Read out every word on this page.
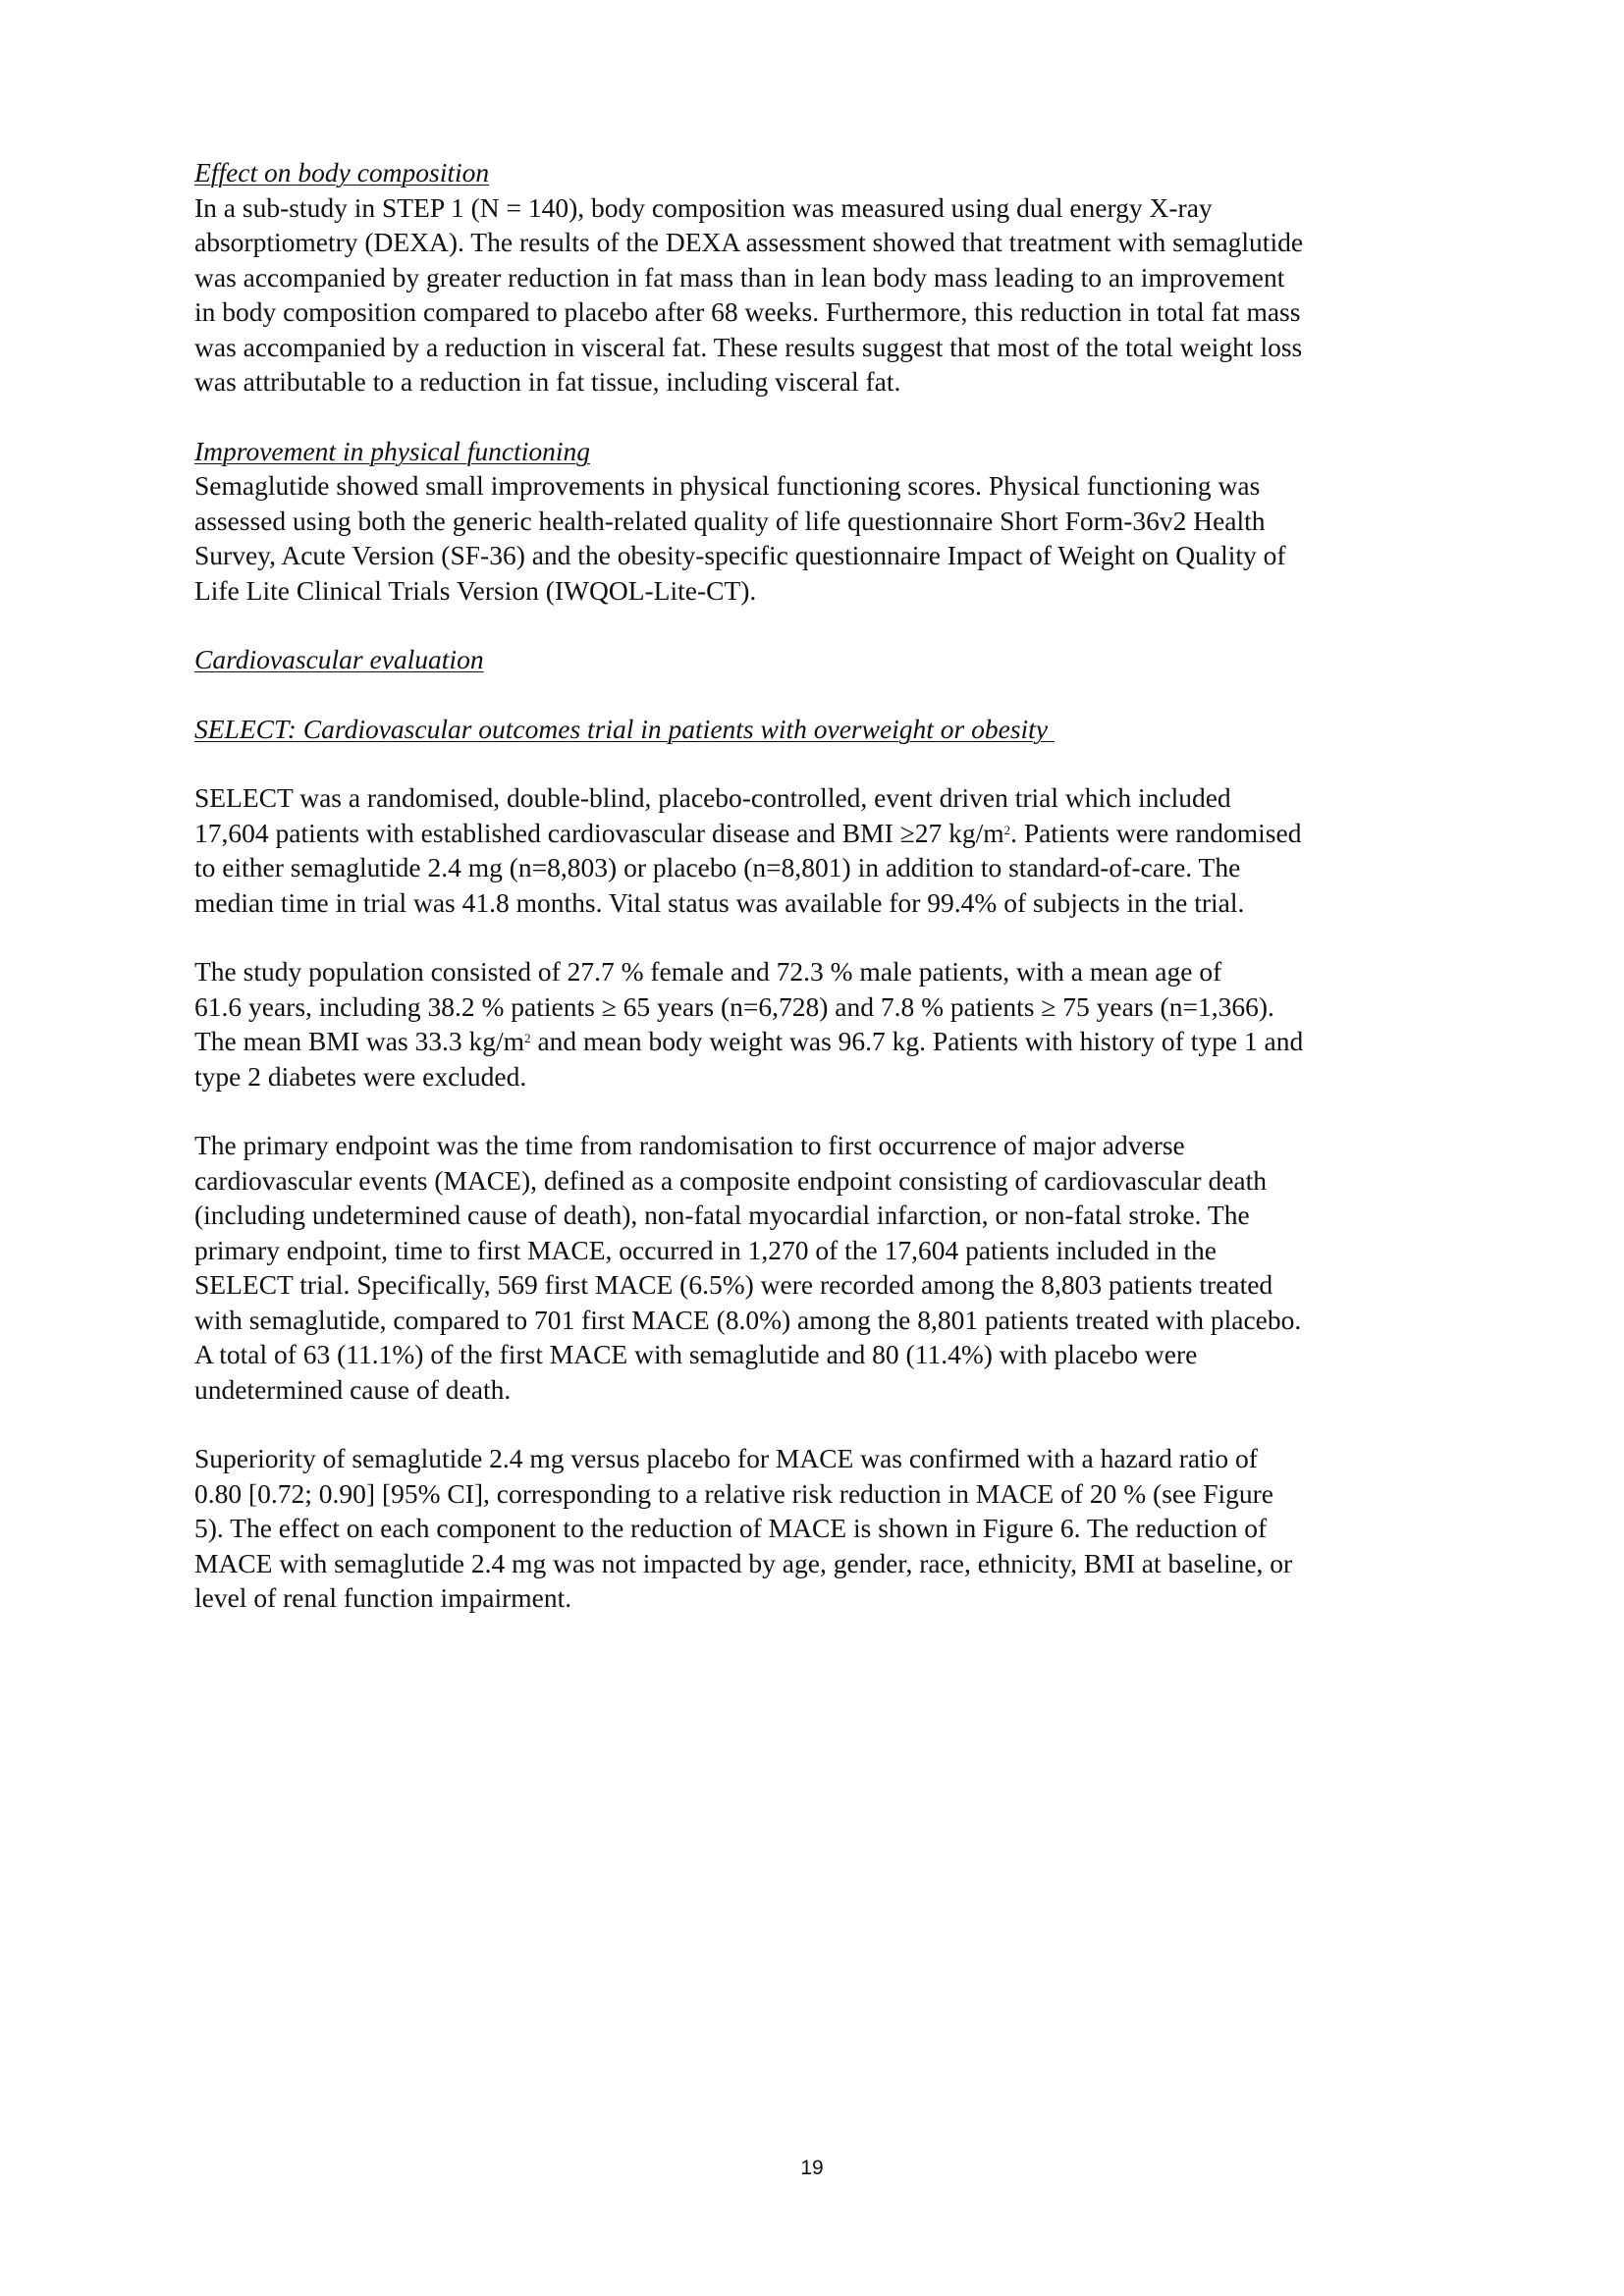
Effect on body composition

In a sub-study in STEP 1 (N = 140), body composition was measured using dual energy X-ray
absorptiometry (DEXA). The results of the DEXA assessment showed that treatment with semaglutide
was accompanied by greater reduction in fat mass than in lean body mass leading to an improvement
in body composition compared to placebo after 68 weeks. Furthermore, this reduction in total fat mass
was accompanied by a reduction in visceral fat. These results suggest that most of the total weight loss
was attributable to a reduction in fat tissue, including visceral fat.

Improvement in physical functioning

Semaglutide showed small improvements in physical functioning scores. Physical functioning was
assessed using both the generic health-related quality of life questionnaire Short Form-36v2 Health
Survey, Acute Version (SF-36) and the obesity-specific questionnaire Impact of Weight on Quality of
Life Lite Clinical Trials Version (IWQOL-Lite-CT).

Cardiovascular evaluation
SELECT: Cardiovascular outcomes trial in patients with overweight or obesity
SELECT was a randomised, double-blind, placebo-controlled, event driven trial which included
17,604 patients with established cardiovascular disease and BMI ≥27 $kg/m^2$. Patients were randomised
to either semaglutide 2.4 mg (n=8,803) or placebo (n=8,801) in addition to standard-of-care. The
median time in trial was 41.8 months. Vital status was available for 99.4% of subjects in the trial.
The study population consisted of 27.7 % female and 72.3 % male patients, with a mean age of
61.6 years, including 38.2 % patients ≥ 65 years (n=6,728) and 7.8 % patients ≥ 75 years (n=1,366).
The mean BMI was 33.3 $kg/m^2$ and mean body weight was 96.7 kg. Patients with history of type 1 and
type 2 diabetes were excluded.
The primary endpoint was the time from randomisation to first occurrence of major adverse
cardiovascular events (MACE), defined as a composite endpoint consisting of cardiovascular death
(including undetermined cause of death), non-fatal myocardial infarction, or non-fatal stroke. The
primary endpoint, time to first MACE, occurred in 1,270 of the 17,604 patients included in the
SELECT trial. Specifically, 569 first MACE (6.5%) were recorded among the 8,803 patients treated
with semaglutide, compared to 701 first MACE (8.0%) among the 8,801 patients treated with placebo.
A total of 63 (11.1%) of the first MACE with semaglutide and 80 (11.4%) with placebo were
undetermined cause of death.
Superiority of semaglutide 2.4 mg versus placebo for MACE was confirmed with a hazard ratio of
0.80 [0.72; 0.90] [95% CI], corresponding to a relative risk reduction in MACE of 20 % (see Figure
5). The effect on each component to the reduction of MACE is shown in Figure 6. The reduction of
MACE with semaglutide 2.4 mg was not impacted by age, gender, race, ethnicity, BMI at baseline, or
level of renal function impairment.
19
